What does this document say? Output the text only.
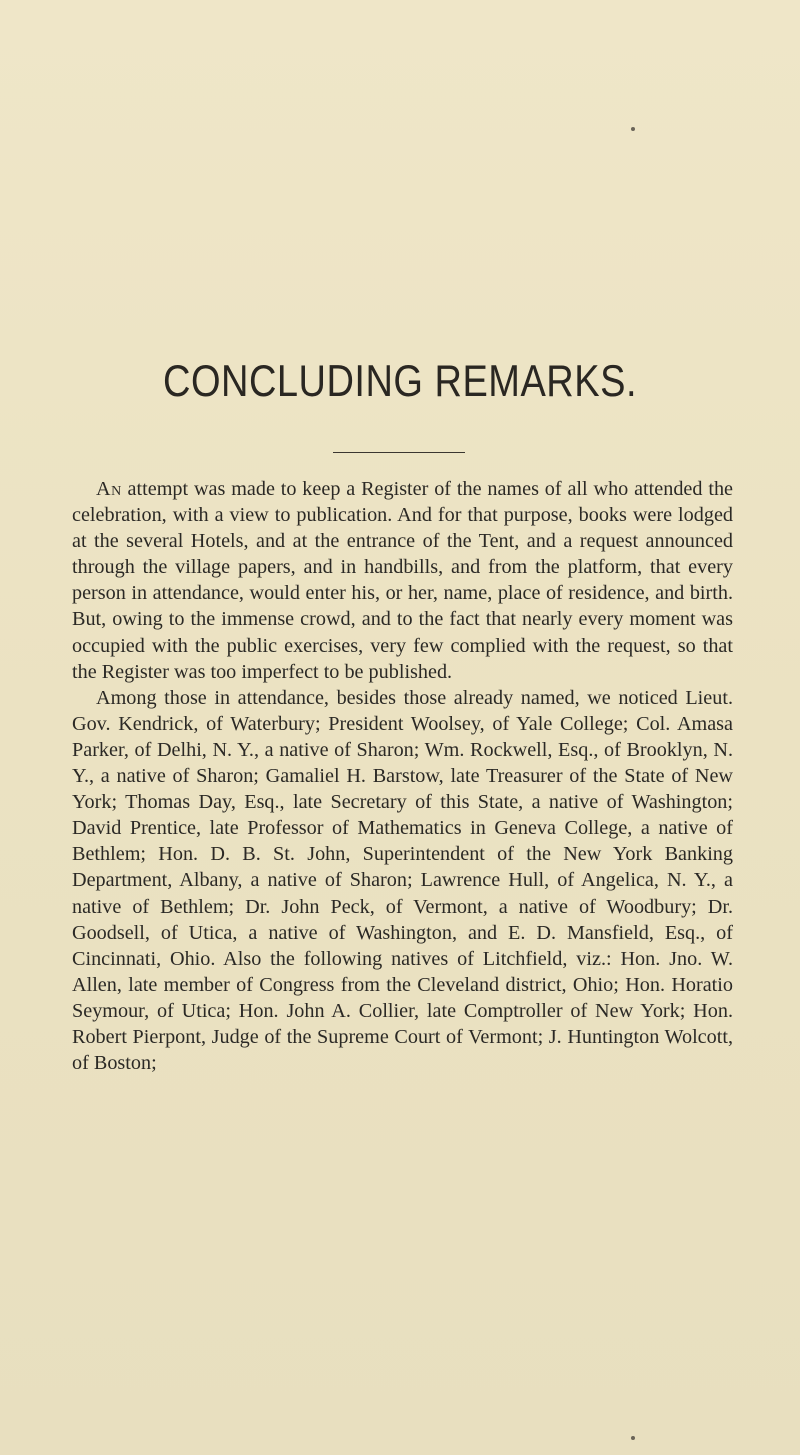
CONCLUDING REMARKS.

An attempt was made to keep a Register of the names of all who attended the celebration, with a view to publication. And for that purpose, books were lodged at the several Hotels, and at the entrance of the Tent, and a request announced through the village papers, and in handbills, and from the platform, that every person in attendance, would enter his, or her, name, place of residence, and birth. But, owing to the immense crowd, and to the fact that nearly every moment was occupied with the public exercises, very few complied with the request, so that the Register was too imperfect to be published.

Among those in attendance, besides those already named, we noticed Lieut. Gov. Kendrick, of Waterbury; President Woolsey, of Yale College; Col. Amasa Parker, of Delhi, N. Y., a native of Sharon; Wm. Rockwell, Esq., of Brooklyn, N. Y., a native of Sharon; Gamaliel H. Barstow, late Treasurer of the State of New York; Thomas Day, Esq., late Secretary of this State, a native of Washington; David Prentice, late Professor of Mathematics in Geneva College, a native of Bethlem; Hon. D. B. St. John, Superintendent of the New York Banking Department, Albany, a native of Sharon; Lawrence Hull, of Angelica, N. Y., a native of Bethlem; Dr. John Peck, of Vermont, a native of Woodbury; Dr. Goodsell, of Utica, a native of Washington, and E. D. Mansfield, Esq., of Cincinnati, Ohio. Also the following natives of Litchfield, viz.: Hon. Jno. W. Allen, late member of Congress from the Cleveland district, Ohio; Hon. Horatio Seymour, of Utica; Hon. John A. Collier, late Comptroller of New York; Hon. Robert Pierpont, Judge of the Supreme Court of Vermont; J. Huntington Wolcott, of Boston;
